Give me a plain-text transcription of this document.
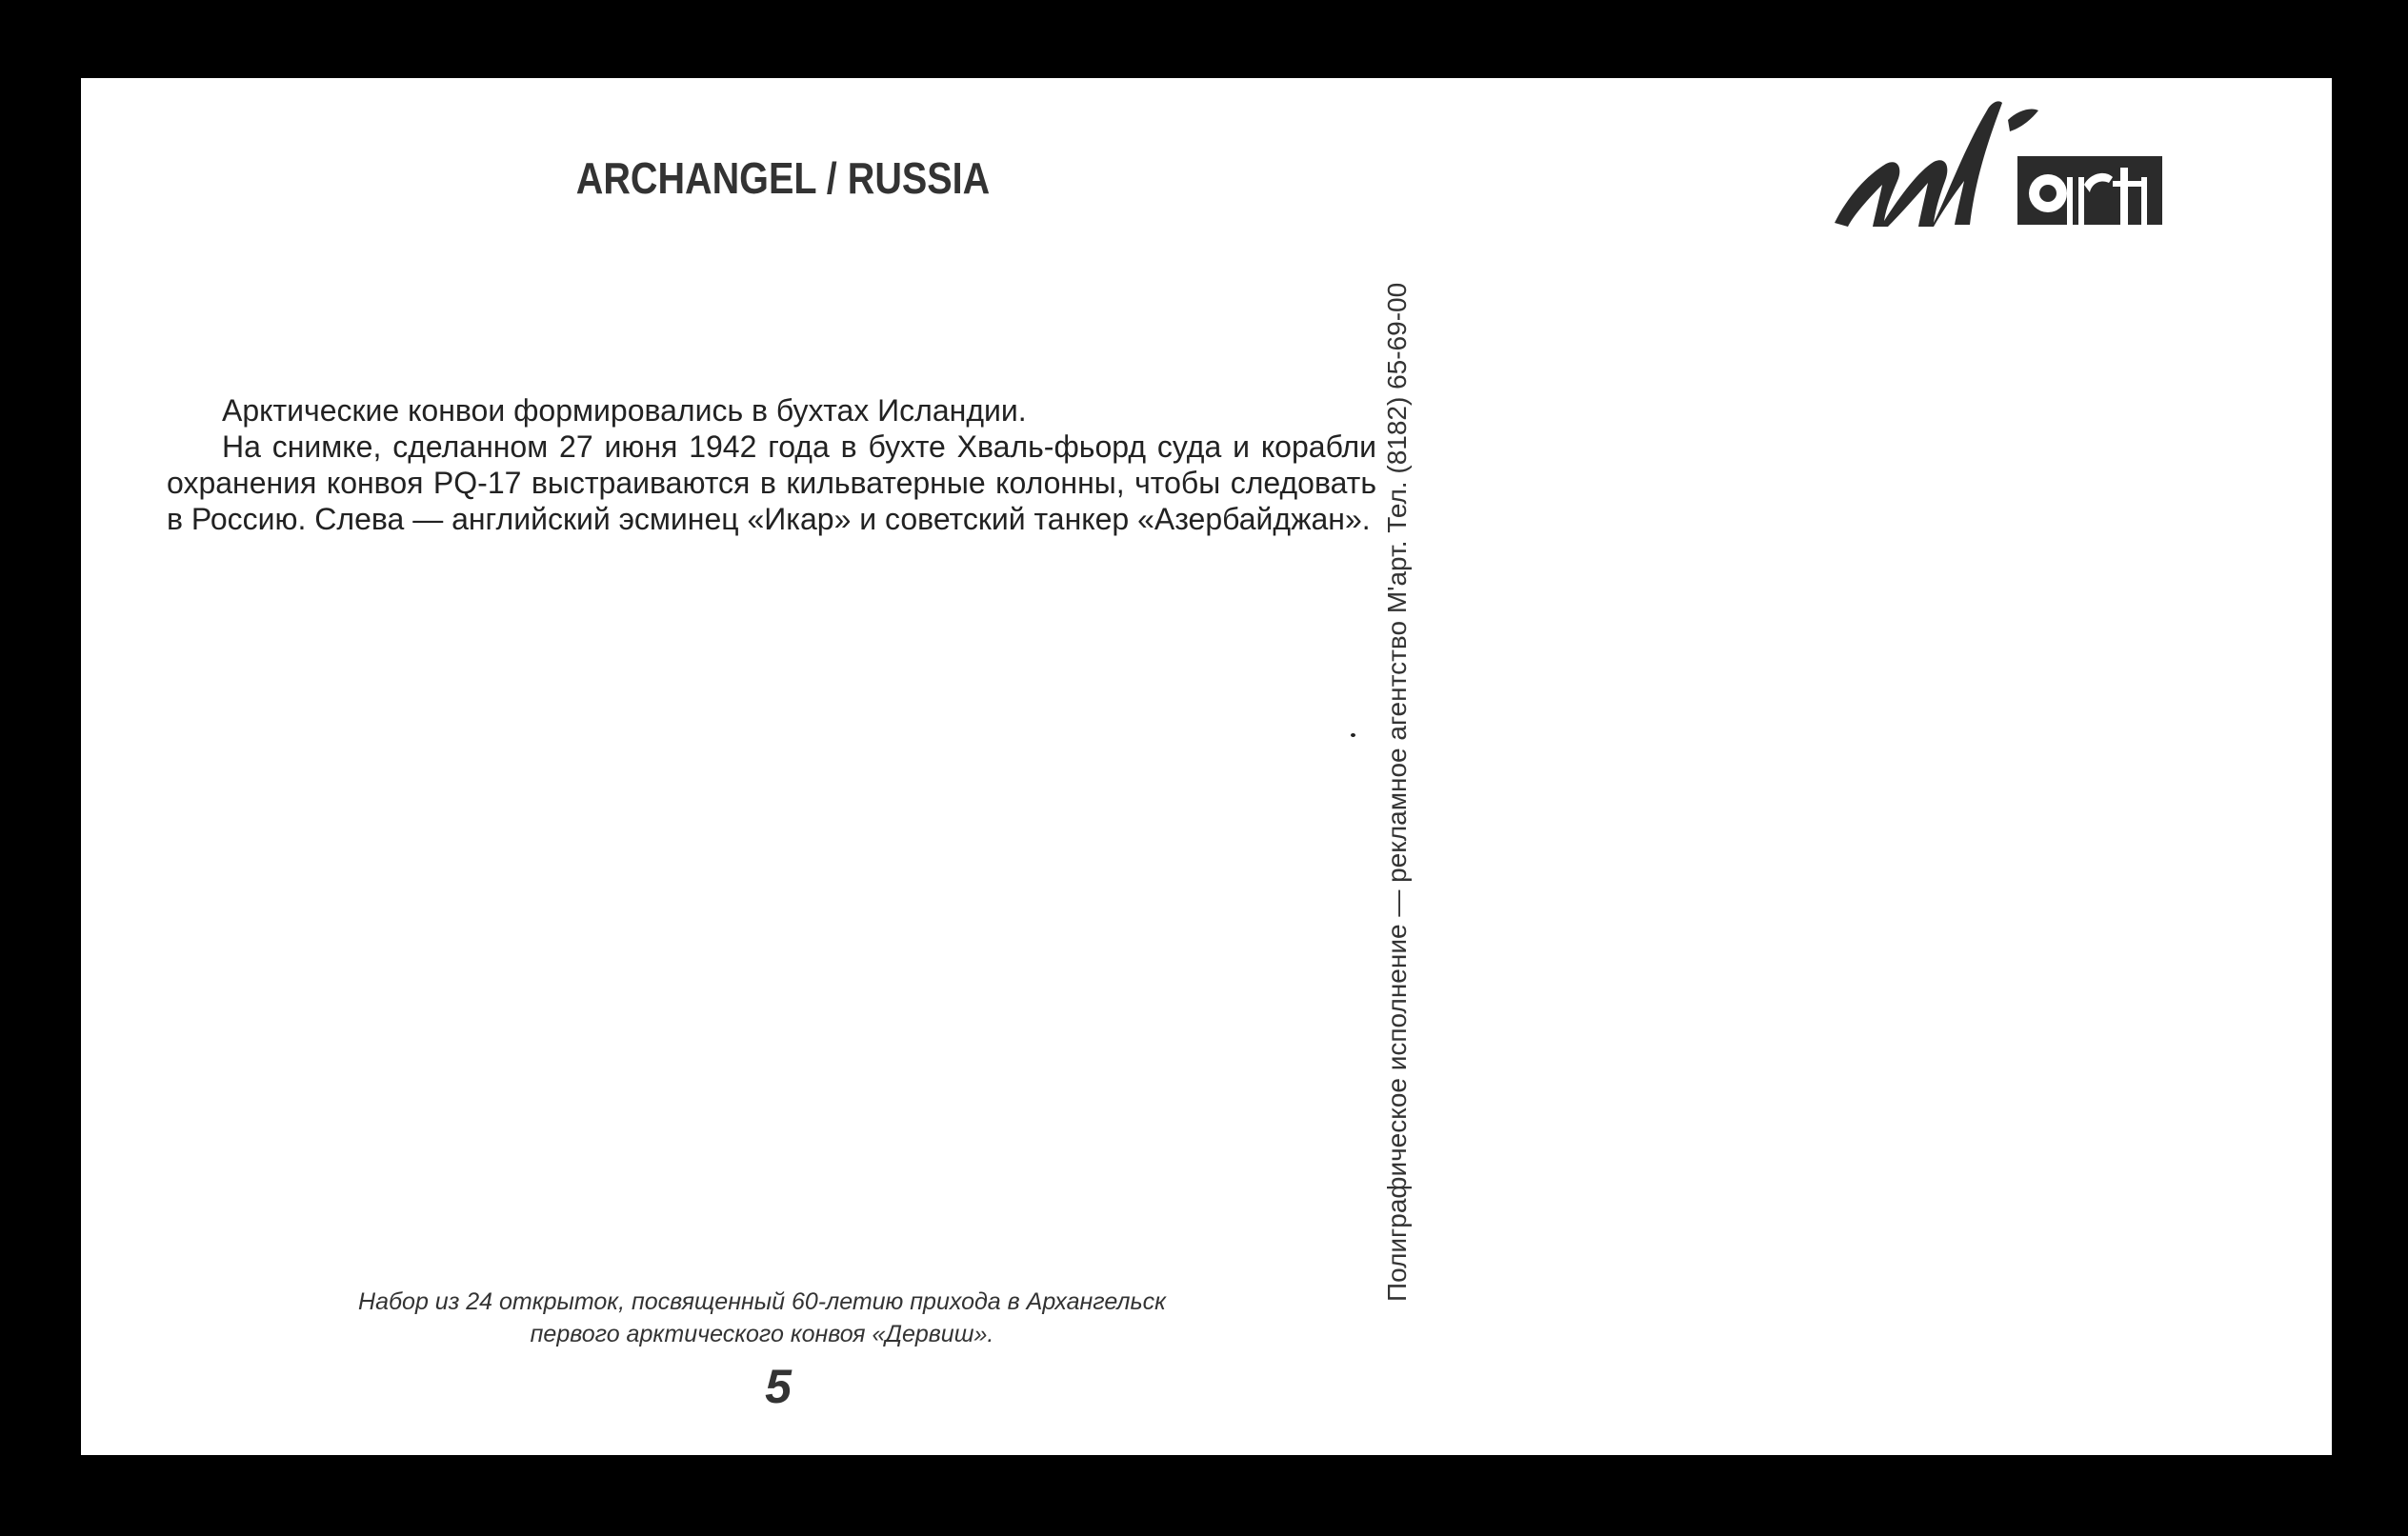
ARCHANGEL / RUSSIA

Арктические конвои формировались в бухтах Исландии.

На снимке, сделанном 27 июня 1942 года в бухте Хваль-фьорд суда и корабли охранения конвоя PQ-17 выстраиваются в кильватерные колонны, чтобы следовать в Россию. Слева — английский эсминец «Икар» и советский танкер «Азербайджан».

Набор из 24 открыток, посвященный 60-летию прихода в Архангельск
первого арктического конвоя «Дервиш».
5
Полиграфическое исполнение — рекламное агентство М'арт. Тел. (8182) 65-69-00
